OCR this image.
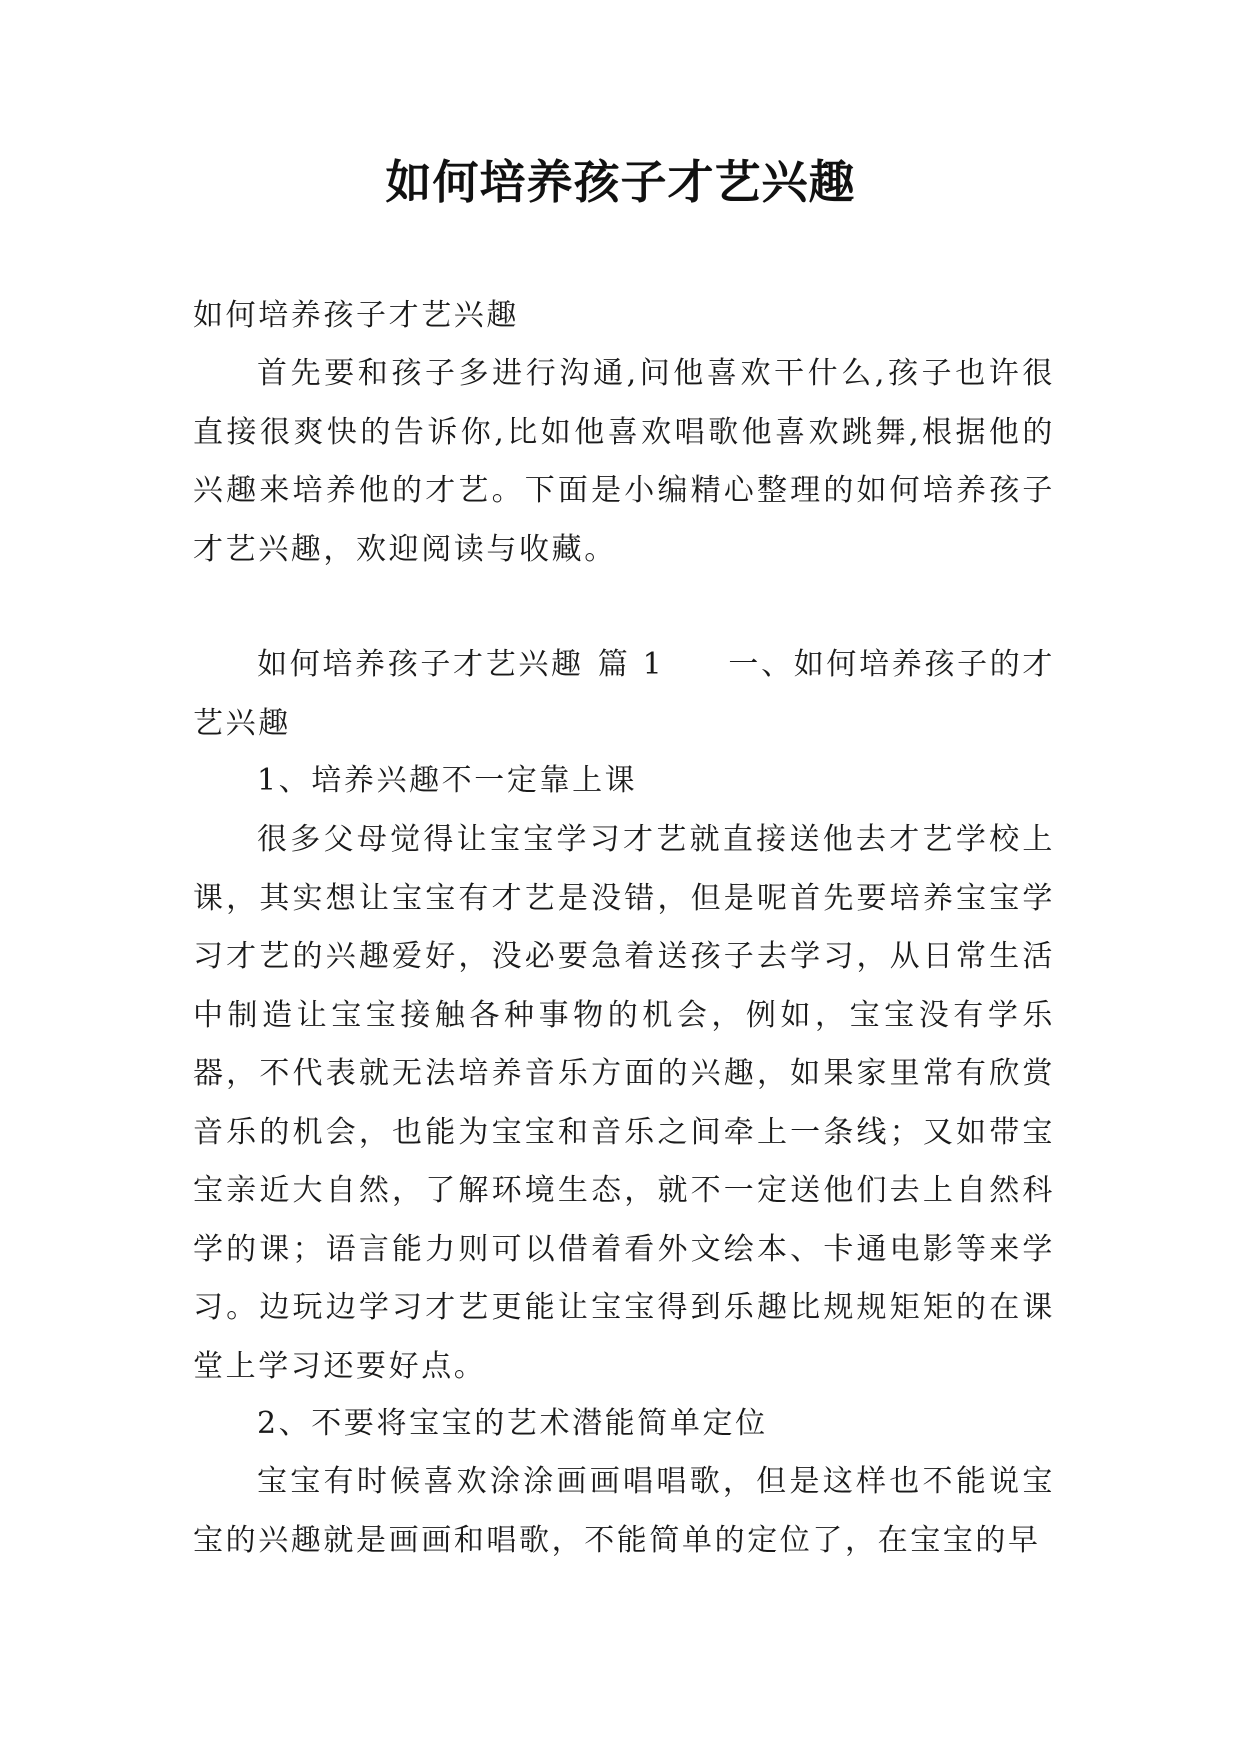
如何培养孩子才艺兴趣
如何培养孩子才艺兴趣

首先要和孩子多进行沟通,问他喜欢干什么,孩子也许很直接很爽快的告诉你,比如他喜欢唱歌他喜欢跳舞,根据他的兴趣来培养他的才艺。下面是小编精心整理的如何培养孩子才艺兴趣，欢迎阅读与收藏。

如何培养孩子才艺兴趣 篇 1 一、如何培养孩子的才艺兴趣

1、培养兴趣不一定靠上课

很多父母觉得让宝宝学习才艺就直接送他去才艺学校上课，其实想让宝宝有才艺是没错，但是呢首先要培养宝宝学习才艺的兴趣爱好，没必要急着送孩子去学习，从日常生活中制造让宝宝接触各种事物的机会，例如，宝宝没有学乐器，不代表就无法培养音乐方面的兴趣，如果家里常有欣赏音乐的机会，也能为宝宝和音乐之间牵上一条线；又如带宝宝亲近大自然，了解环境生态，就不一定送他们去上自然科学的课；语言能力则可以借着看外文绘本、卡通电影等来学习。边玩边学习才艺更能让宝宝得到乐趣比规规矩矩的在课堂上学习还要好点。

2、不要将宝宝的艺术潜能简单定位

宝宝有时候喜欢涂涂画画唱唱歌，但是这样也不能说宝宝的兴趣就是画画和唱歌，不能简单的定位了，在宝宝的早
